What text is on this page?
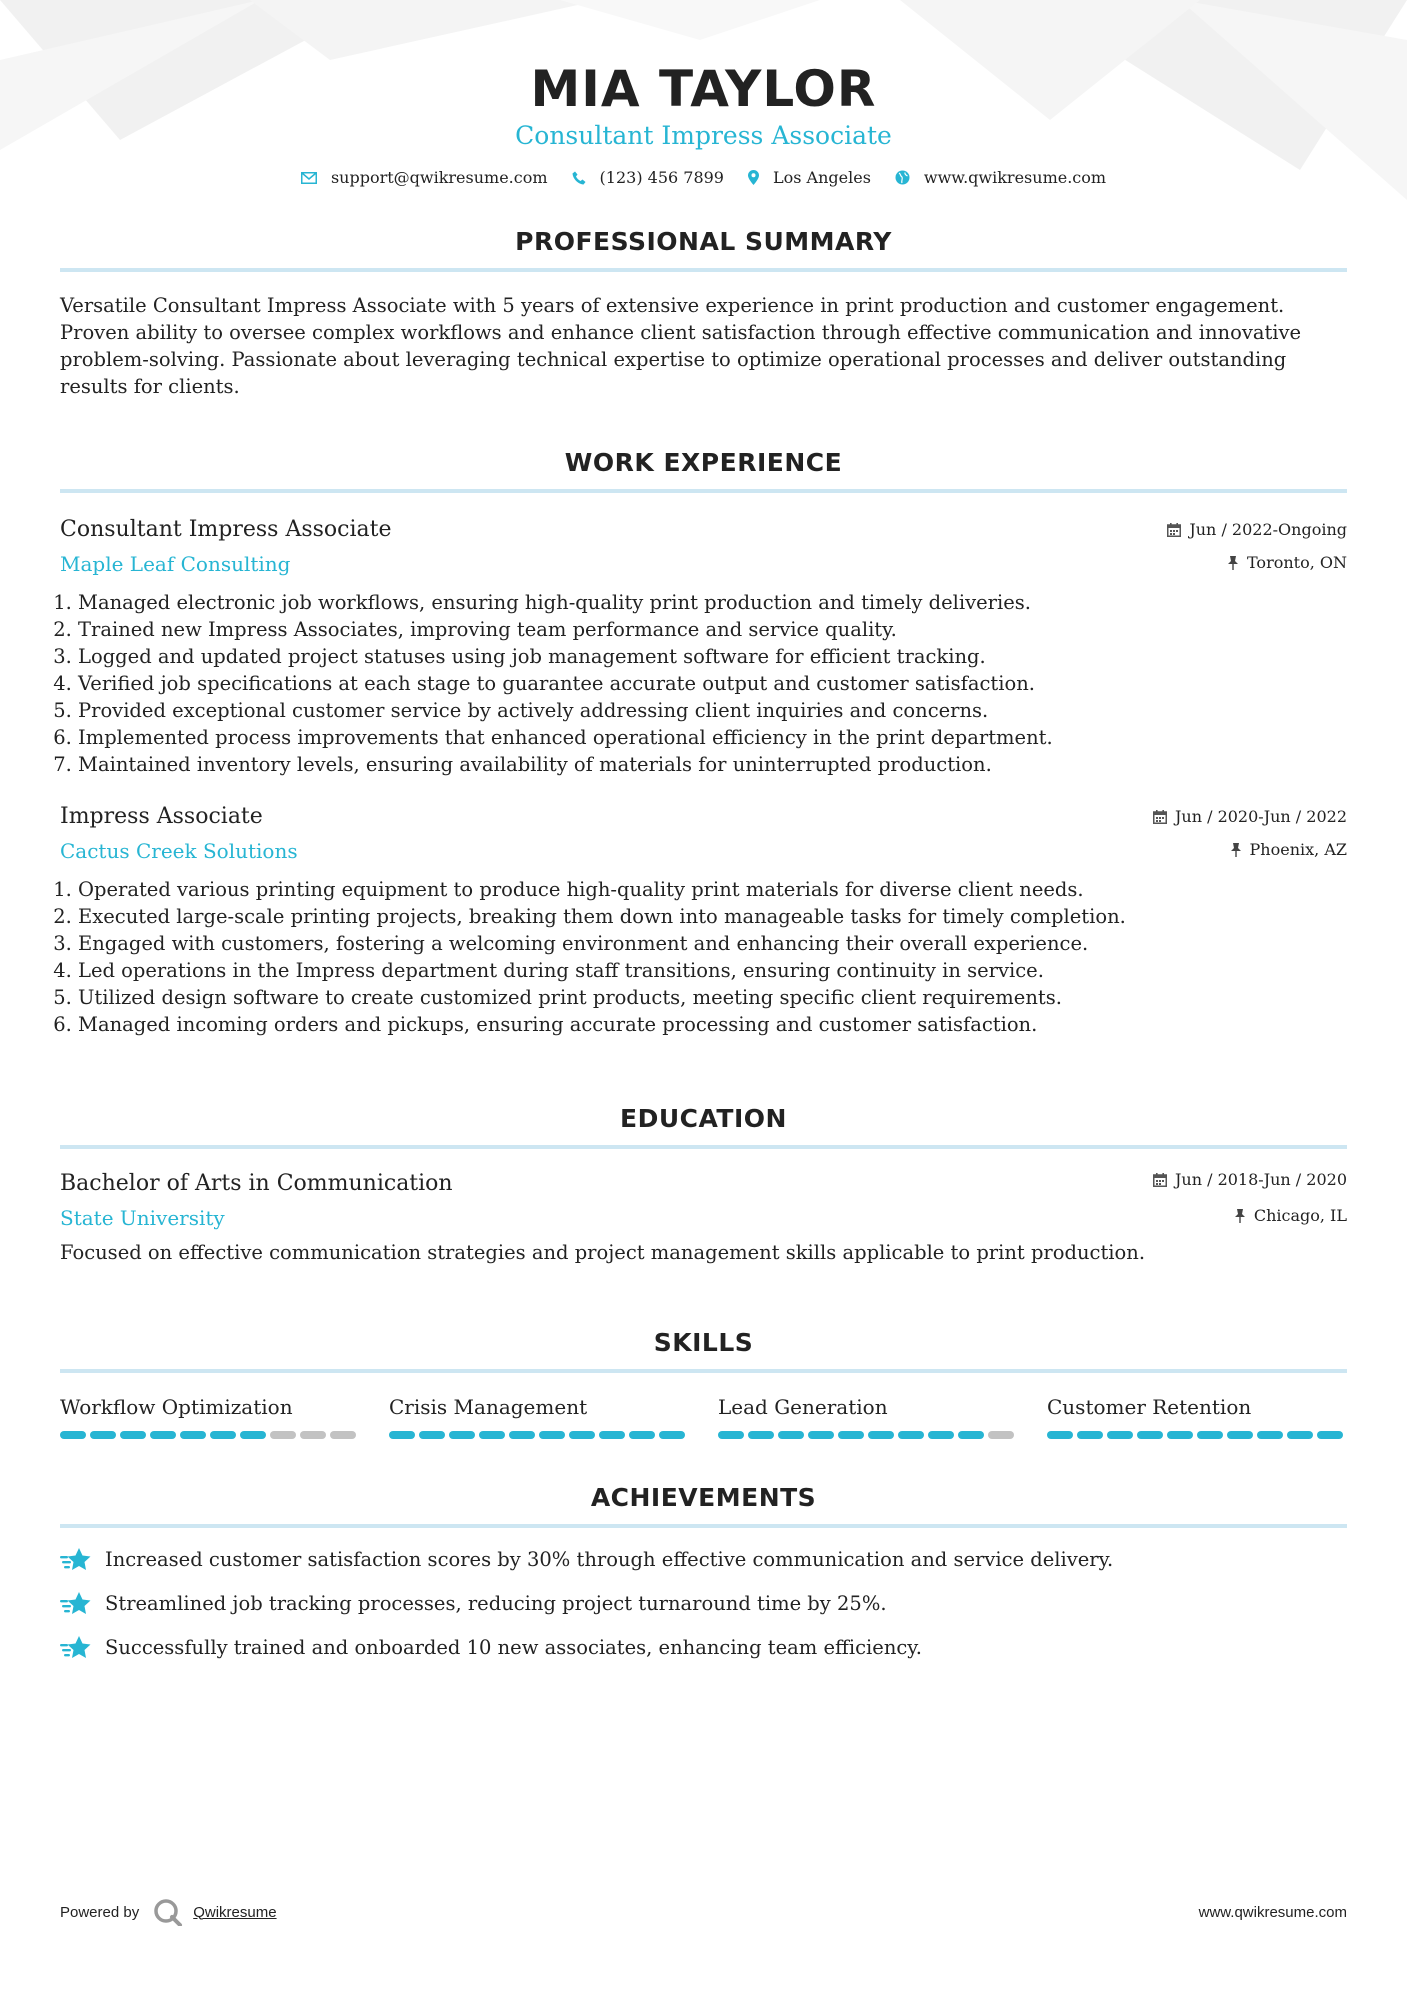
MIA TAYLOR
Consultant Impress Associate
support@qwikresume.com	(123) 456 7899	Los Angeles	www.qwikresume.com
PROFESSIONAL SUMMARY

Versatile Consultant Impress Associate with 5 years of extensive experience in print production and customer engagement. Proven ability to oversee complex workflows and enhance client satisfaction through effective communication and innovative problem-solving. Passionate about leveraging technical expertise to optimize operational processes and deliver outstanding results for clients.

WORK EXPERIENCE
Consultant Impress Associate
Maple Leaf Consulting
Jun / 2022-Ongoing
Toronto, ON
1. Managed electronic job workflows, ensuring high-quality print production and timely deliveries.
2. Trained new Impress Associates, improving team performance and service quality.
3. Logged and updated project statuses using job management software for efficient tracking.
4. Verified job specifications at each stage to guarantee accurate output and customer satisfaction.
5. Provided exceptional customer service by actively addressing client inquiries and concerns.
6. Implemented process improvements that enhanced operational efficiency in the print department.
7. Maintained inventory levels, ensuring availability of materials for uninterrupted production.
Impress Associate
Cactus Creek Solutions
Jun / 2020-Jun / 2022
Phoenix, AZ
1. Operated various printing equipment to produce high-quality print materials for diverse client needs.
2. Executed large-scale printing projects, breaking them down into manageable tasks for timely completion.
3. Engaged with customers, fostering a welcoming environment and enhancing their overall experience.
4. Led operations in the Impress department during staff transitions, ensuring continuity in service.
5. Utilized design software to create customized print products, meeting specific client requirements.
6. Managed incoming orders and pickups, ensuring accurate processing and customer satisfaction.
EDUCATION
Bachelor of Arts in Communication
State University
Jun / 2018-Jun / 2020
Chicago, IL
Focused on effective communication strategies and project management skills applicable to print production.
SKILLS
Workflow Optimization	Crisis Management	Lead Generation	Customer Retention
ACHIEVEMENTS
Increased customer satisfaction scores by 30% through effective communication and service delivery.
Streamlined job tracking processes, reducing project turnaround time by 25%.
Successfully trained and onboarded 10 new associates, enhancing team efficiency.
Powered by	Qwikresume	www.qwikresume.com
